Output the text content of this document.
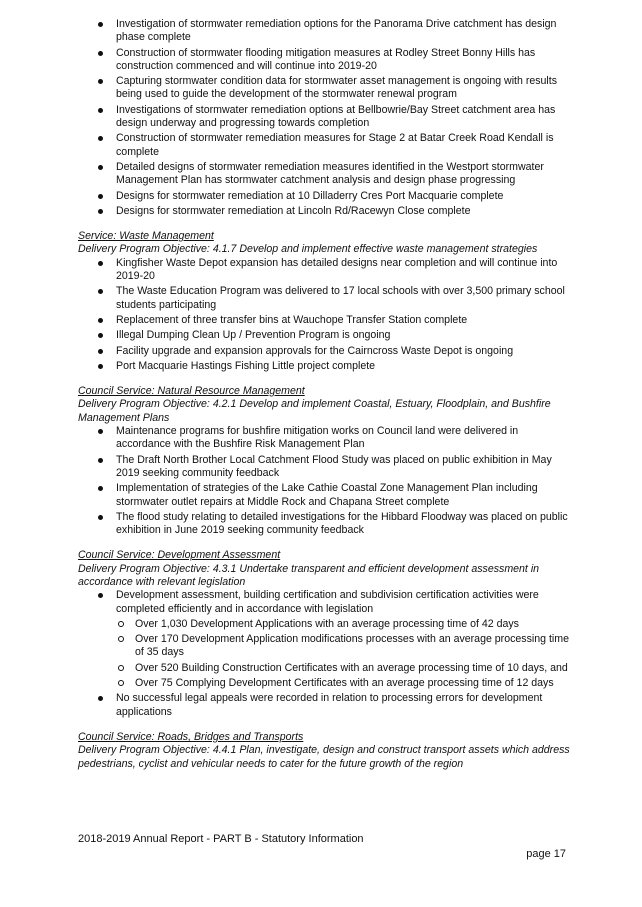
Investigation of stormwater remediation options for the Panorama Drive catchment has design phase complete
Construction of stormwater flooding mitigation measures at Rodley Street Bonny Hills has construction commenced and will continue into 2019-20
Capturing stormwater condition data for stormwater asset management is ongoing with results being used to guide the development of the stormwater renewal program
Investigations of stormwater remediation options at Bellbowrie/Bay Street catchment area has design underway and progressing towards completion
Construction of stormwater remediation measures for Stage 2 at Batar Creek Road Kendall is complete
Detailed designs of stormwater remediation measures identified in the Westport stormwater Management Plan has stormwater catchment analysis and design phase progressing
Designs for stormwater remediation at 10 Dilladerry Cres Port Macquarie complete
Designs for stormwater remediation at Lincoln Rd/Racewyn Close complete
Service: Waste Management
Delivery Program Objective: 4.1.7 Develop and implement effective waste management strategies
Kingfisher Waste Depot expansion has detailed designs near completion and will continue into 2019-20
The Waste Education Program was delivered to 17 local schools with over 3,500 primary school students participating
Replacement of three transfer bins at Wauchope Transfer Station complete
Illegal Dumping Clean Up / Prevention Program is ongoing
Facility upgrade and expansion approvals for the Cairncross Waste Depot is ongoing
Port Macquarie Hastings Fishing Little project complete
Council Service: Natural Resource Management
Delivery Program Objective: 4.2.1 Develop and implement Coastal, Estuary, Floodplain, and Bushfire Management Plans
Maintenance programs for bushfire mitigation works on Council land were delivered in accordance with the Bushfire Risk Management Plan
The Draft North Brother Local Catchment Flood Study was placed on public exhibition in May 2019 seeking community feedback
Implementation of strategies of the Lake Cathie Coastal Zone Management Plan including stormwater outlet repairs at Middle Rock and Chapana Street complete
The flood study relating to detailed investigations for the Hibbard Floodway was placed on public exhibition in June 2019 seeking community feedback
Council Service: Development Assessment
Delivery Program Objective: 4.3.1 Undertake transparent and efficient development assessment in accordance with relevant legislation
Development assessment, building certification and subdivision certification activities were completed efficiently and in accordance with legislation
Over 1,030 Development Applications with an average processing time of 42 days
Over 170 Development Application modifications processes with an average processing time of 35 days
Over 520 Building Construction Certificates with an average processing time of 10 days, and
Over 75 Complying Development Certificates with an average processing time of 12 days
No successful legal appeals were recorded in relation to processing errors for development applications
Council Service: Roads, Bridges and Transports
Delivery Program Objective: 4.4.1 Plan, investigate, design and construct transport assets which address pedestrians, cyclist and vehicular needs to cater for the future growth of the region
2018-2019 Annual Report - PART B - Statutory Information
page 17
